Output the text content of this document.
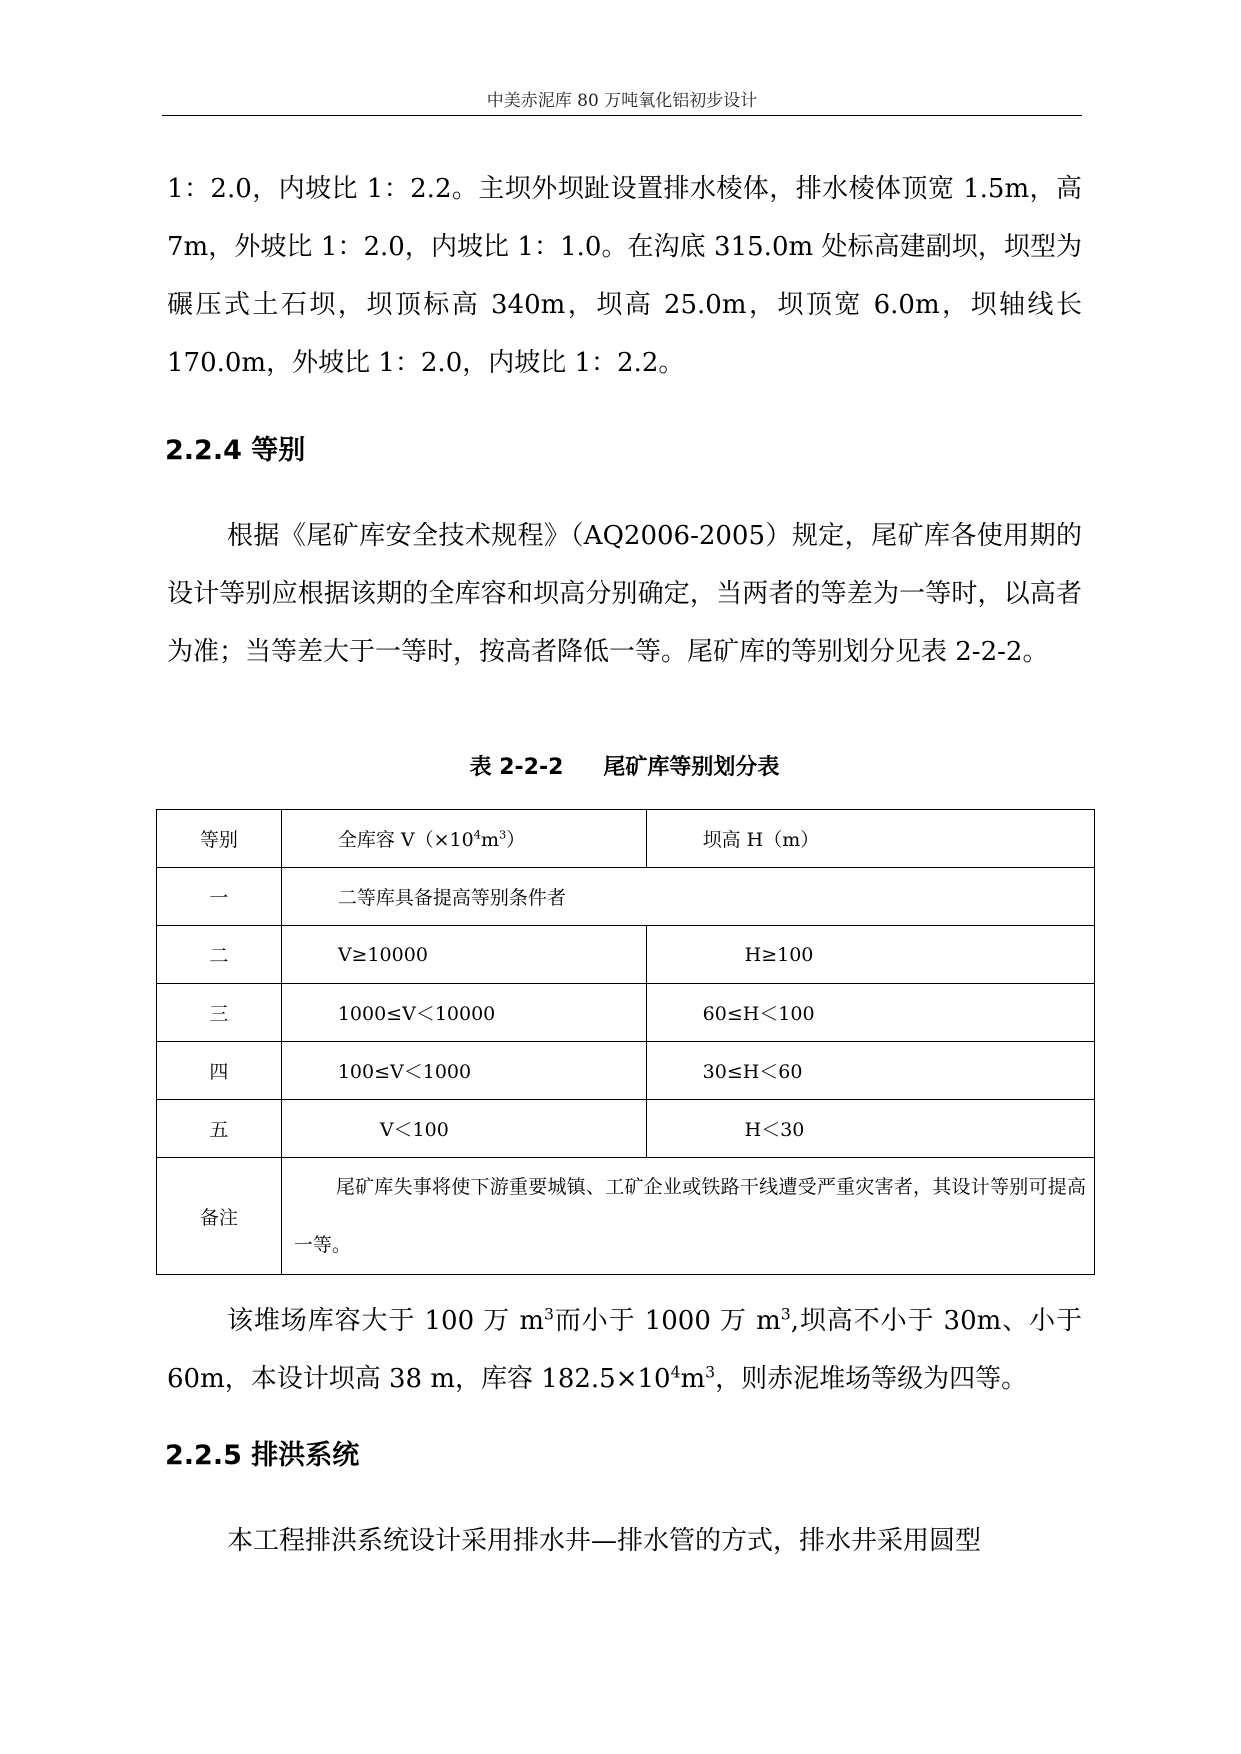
中美赤泥库 80 万吨氧化铝初步设计
1：2.0，内坡比 1：2.2。主坝外坝趾设置排水棱体，排水棱体顶宽 1.5m，高 7m，外坡比 1：2.0，内坡比 1：1.0。在沟底 315.0m 处标高建副坝，坝型为碾压式土石坝，坝顶标高 340m，坝高 25.0m，坝顶宽 6.0m，坝轴线长 170.0m，外坡比 1：2.0，内坡比 1：2.2。
2.2.4 等别
根据《尾矿库安全技术规程》（AQ2006-2005）规定，尾矿库各使用期的设计等别应根据该期的全库容和坝高分别确定，当两者的等差为一等时，以高者为准；当等差大于一等时，按高者降低一等。尾矿库的等别划分见表 2-2-2。
表 2-2-2 尾矿库等别划分表
等别	全库容 $V(\times 10^4m^3)$	坝高 H（m）
一	二等库具备提高等别条件者	
二	V≥10000	H≥100
三	1000≤V＜10000	60≤H＜100
四	100≤V＜1000	30≤H＜60
五	V＜100	H＜30
备注	尾矿库失事将使下游重要城镇、工矿企业或铁路干线遭受严重灾害者，其设计等别可提高一等。	
该堆场库容大于 100 万 $m^3$而小于 1000 万 $m^3$,坝高不小于 30m、小于 60m，本设计坝高 38 m，库容 $182.5\times 10^4m^3$，则赤泥堆场等级为四等。
2.2.5 排洪系统
本工程排洪系统设计采用排水井—排水管的方式，排水井采用圆型
